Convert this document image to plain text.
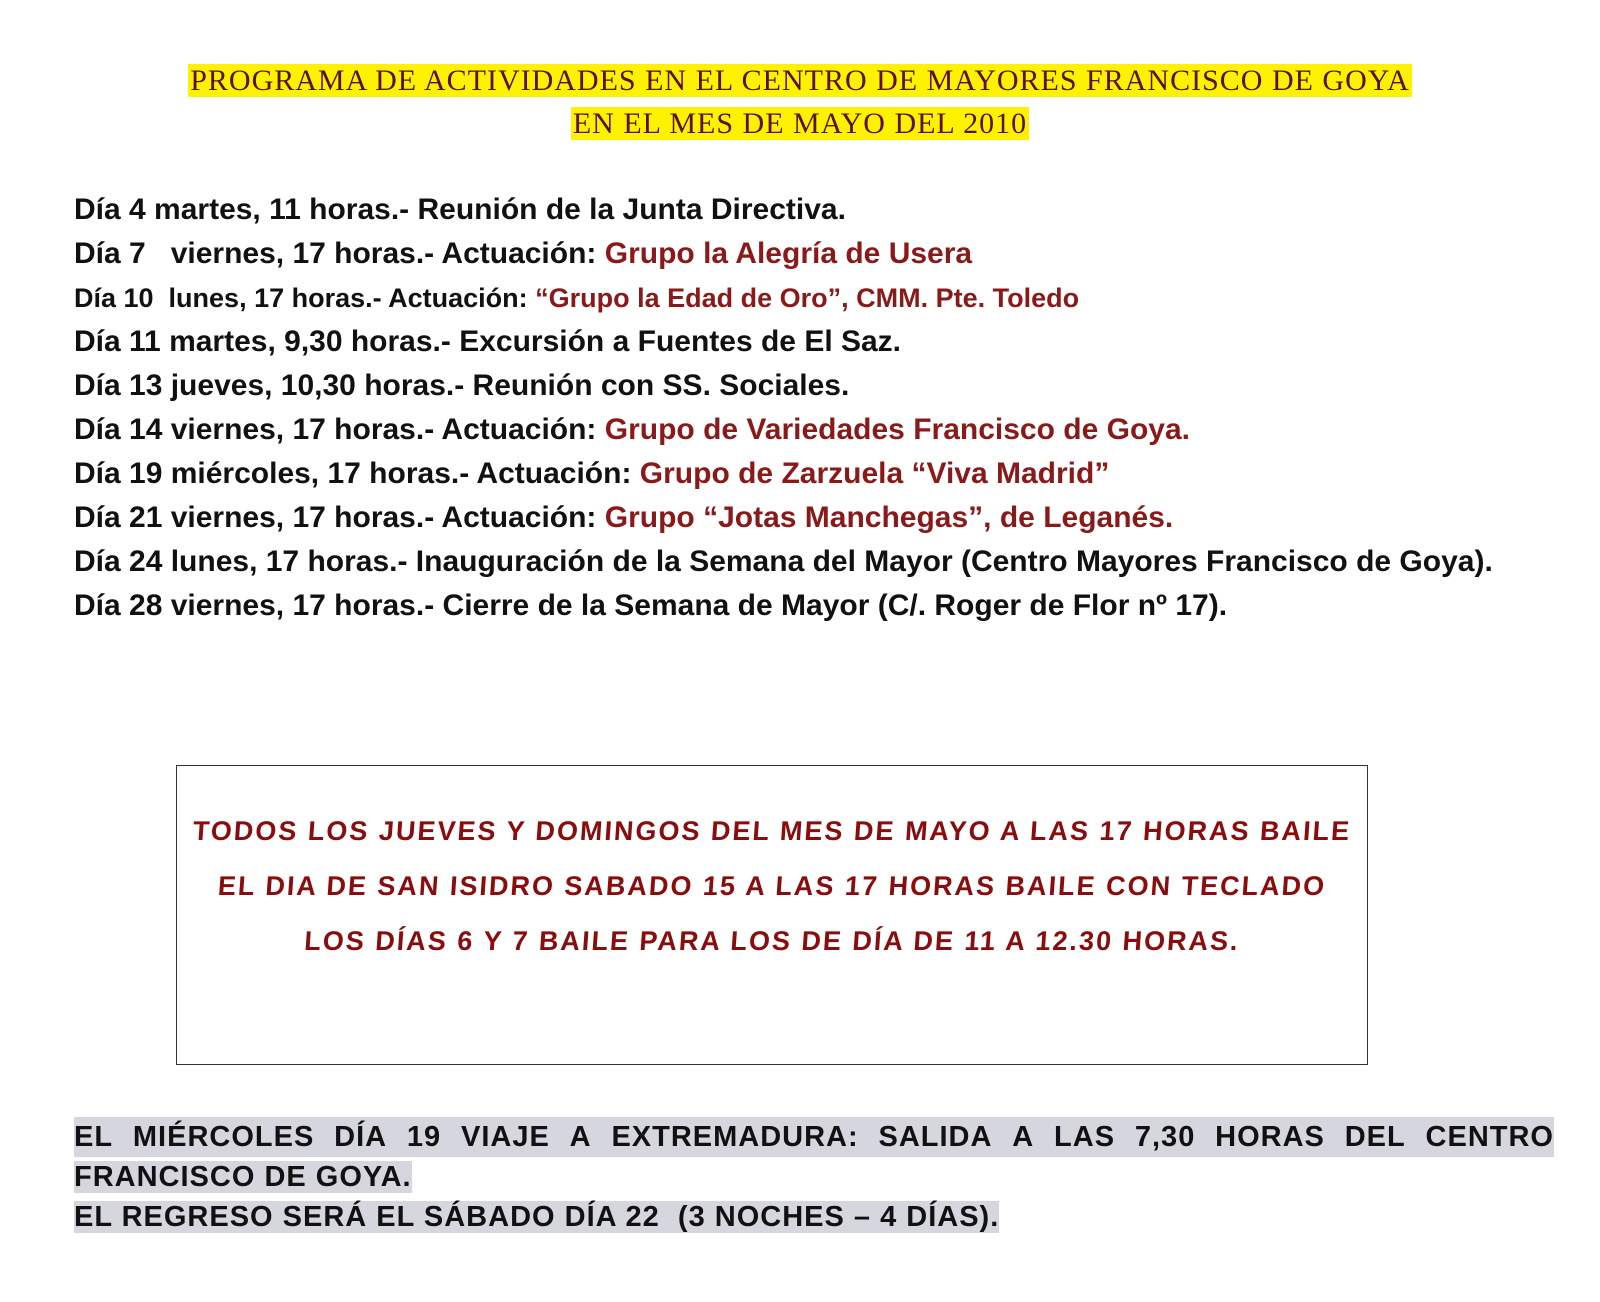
PROGRAMA DE ACTIVIDADES EN EL CENTRO DE MAYORES FRANCISCO DE GOYA
EN EL MES DE MAYO DEL 2010
Día 4 martes, 11 horas.- Reunión de la Junta Directiva.
Día 7   viernes, 17 horas.- Actuación: Grupo la Alegría de Usera
Día 10  lunes, 17 horas.- Actuación: “Grupo la Edad de Oro”, CMM. Pte. Toledo
Día 11 martes, 9,30 horas.- Excursión a Fuentes de El Saz.
Día 13 jueves, 10,30 horas.- Reunión con SS. Sociales.
Día 14 viernes, 17 horas.- Actuación: Grupo de Variedades Francisco de Goya.
Día 19 miércoles, 17 horas.- Actuación: Grupo de Zarzuela “Viva Madrid”
Día 21 viernes, 17 horas.- Actuación: Grupo “Jotas Manchegas”, de Leganés.
Día 24 lunes, 17 horas.- Inauguración de la Semana del Mayor (Centro Mayores Francisco de Goya).
Día 28 viernes, 17 horas.- Cierre de la Semana de Mayor (C/. Roger de Flor nº 17).
TODOS LOS JUEVES Y DOMINGOS DEL MES DE MAYO A LAS 17 HORAS BAILE
EL DIA DE SAN ISIDRO SABADO 15 A LAS 17 HORAS BAILE CON TECLADO
LOS DÍAS 6 Y 7 BAILE PARA LOS DE DÍA DE 11 A 12.30 HORAS.
EL MIÉRCOLES DÍA 19 VIAJE A EXTREMADURA: SALIDA A LAS 7,30 HORAS DEL CENTRO
FRANCISCO DE GOYA.
EL REGRESO SERÁ EL SÁBADO DÍA 22  (3 NOCHES – 4 DÍAS).
